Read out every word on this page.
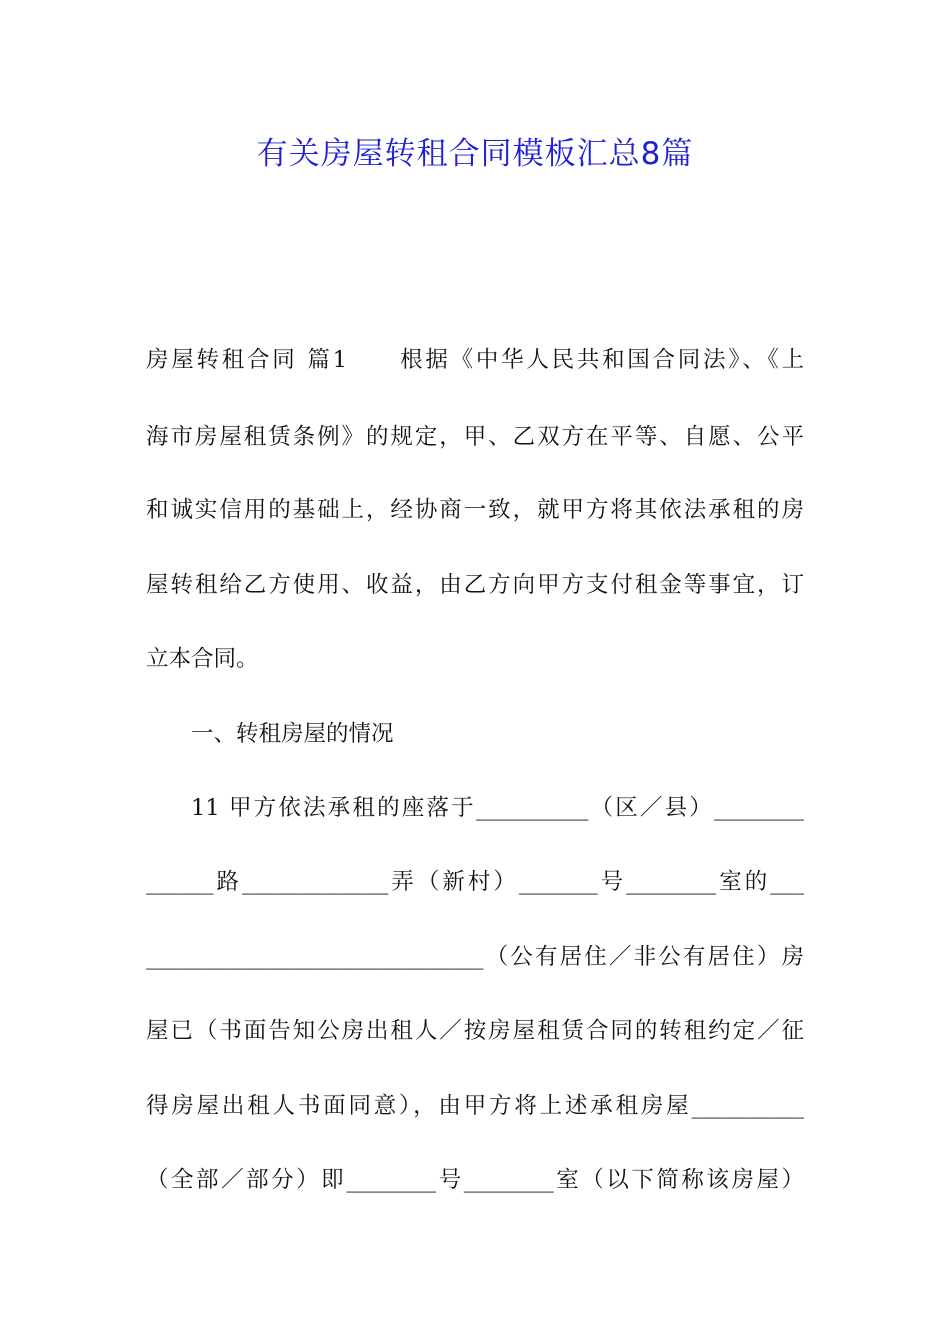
有关房屋转租合同模板汇总8篇
房屋转租合同 篇1　　根据《中华人民共和国合同法》、《上
海市房屋租赁条例》的规定，甲、乙双方在平等、自愿、公平
和诚实信用的基础上，经协商一致，就甲方将其依法承租的房
屋转租给乙方使用、收益，由乙方向甲方支付租金等事宜，订
立本合同。
一、转租房屋的情况
11 甲方依法承租的座落于__________（区／县）________
______路_____________弄（新村）_______号________室的___
______________________________（公有居住／非公有居住）房
屋已（书面告知公房出租人／按房屋租赁合同的转租约定／征
得房屋出租人书面同意），由甲方将上述承租房屋__________
（全部／部分）即________号________室（以下简称该房屋）
